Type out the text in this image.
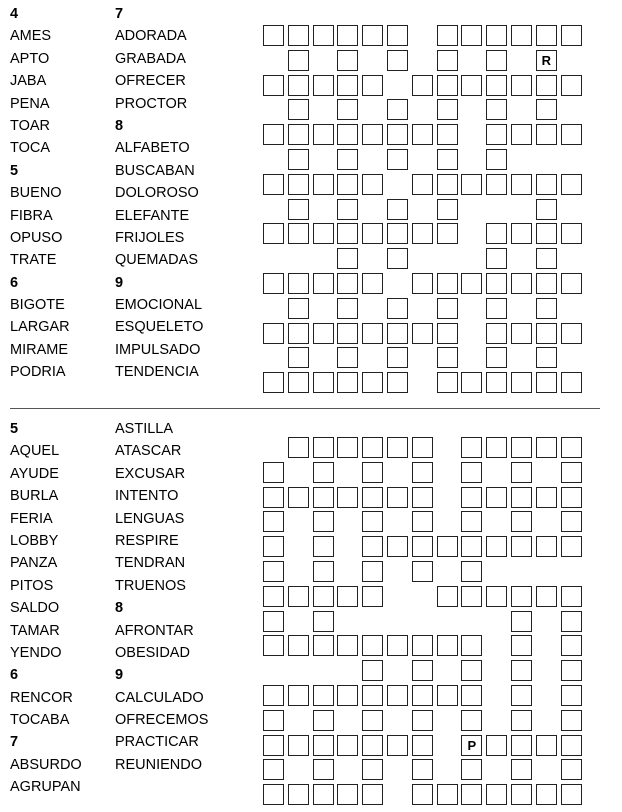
4
AMES
APTO
JABA
PENA
TOAR
TOCA
5
BUENO
FIBRA
OPUSO
TRATE
6
BIGOTE
LARGAR
MIRAME
PODRIA
7
ADORADA
GRABADA
OFRECER
PROCTOR
8
ALFABETO
BUSCABAN
DOLOROSO
ELEFANTE
FRIJOLES
QUEMADAS
9
EMOCIONAL
ESQUELETO
IMPULSADO
TENDENCIA
R
5
AQUEL
AYUDE
BURLA
FERIA
LOBBY
PANZA
PITOS
SALDO
TAMAR
YENDO
6
RENCOR
TOCABA
7
ABSURDO
AGRUPAN
ASTILLA
ATASCAR
EXCUSAR
INTENTO
LENGUAS
RESPIRE
TENDRAN
TRUENOS
8
AFRONTAR
OBESIDAD
9
CALCULADO
OFRECEMOS
PRACTICAR
REUNIENDO
P
